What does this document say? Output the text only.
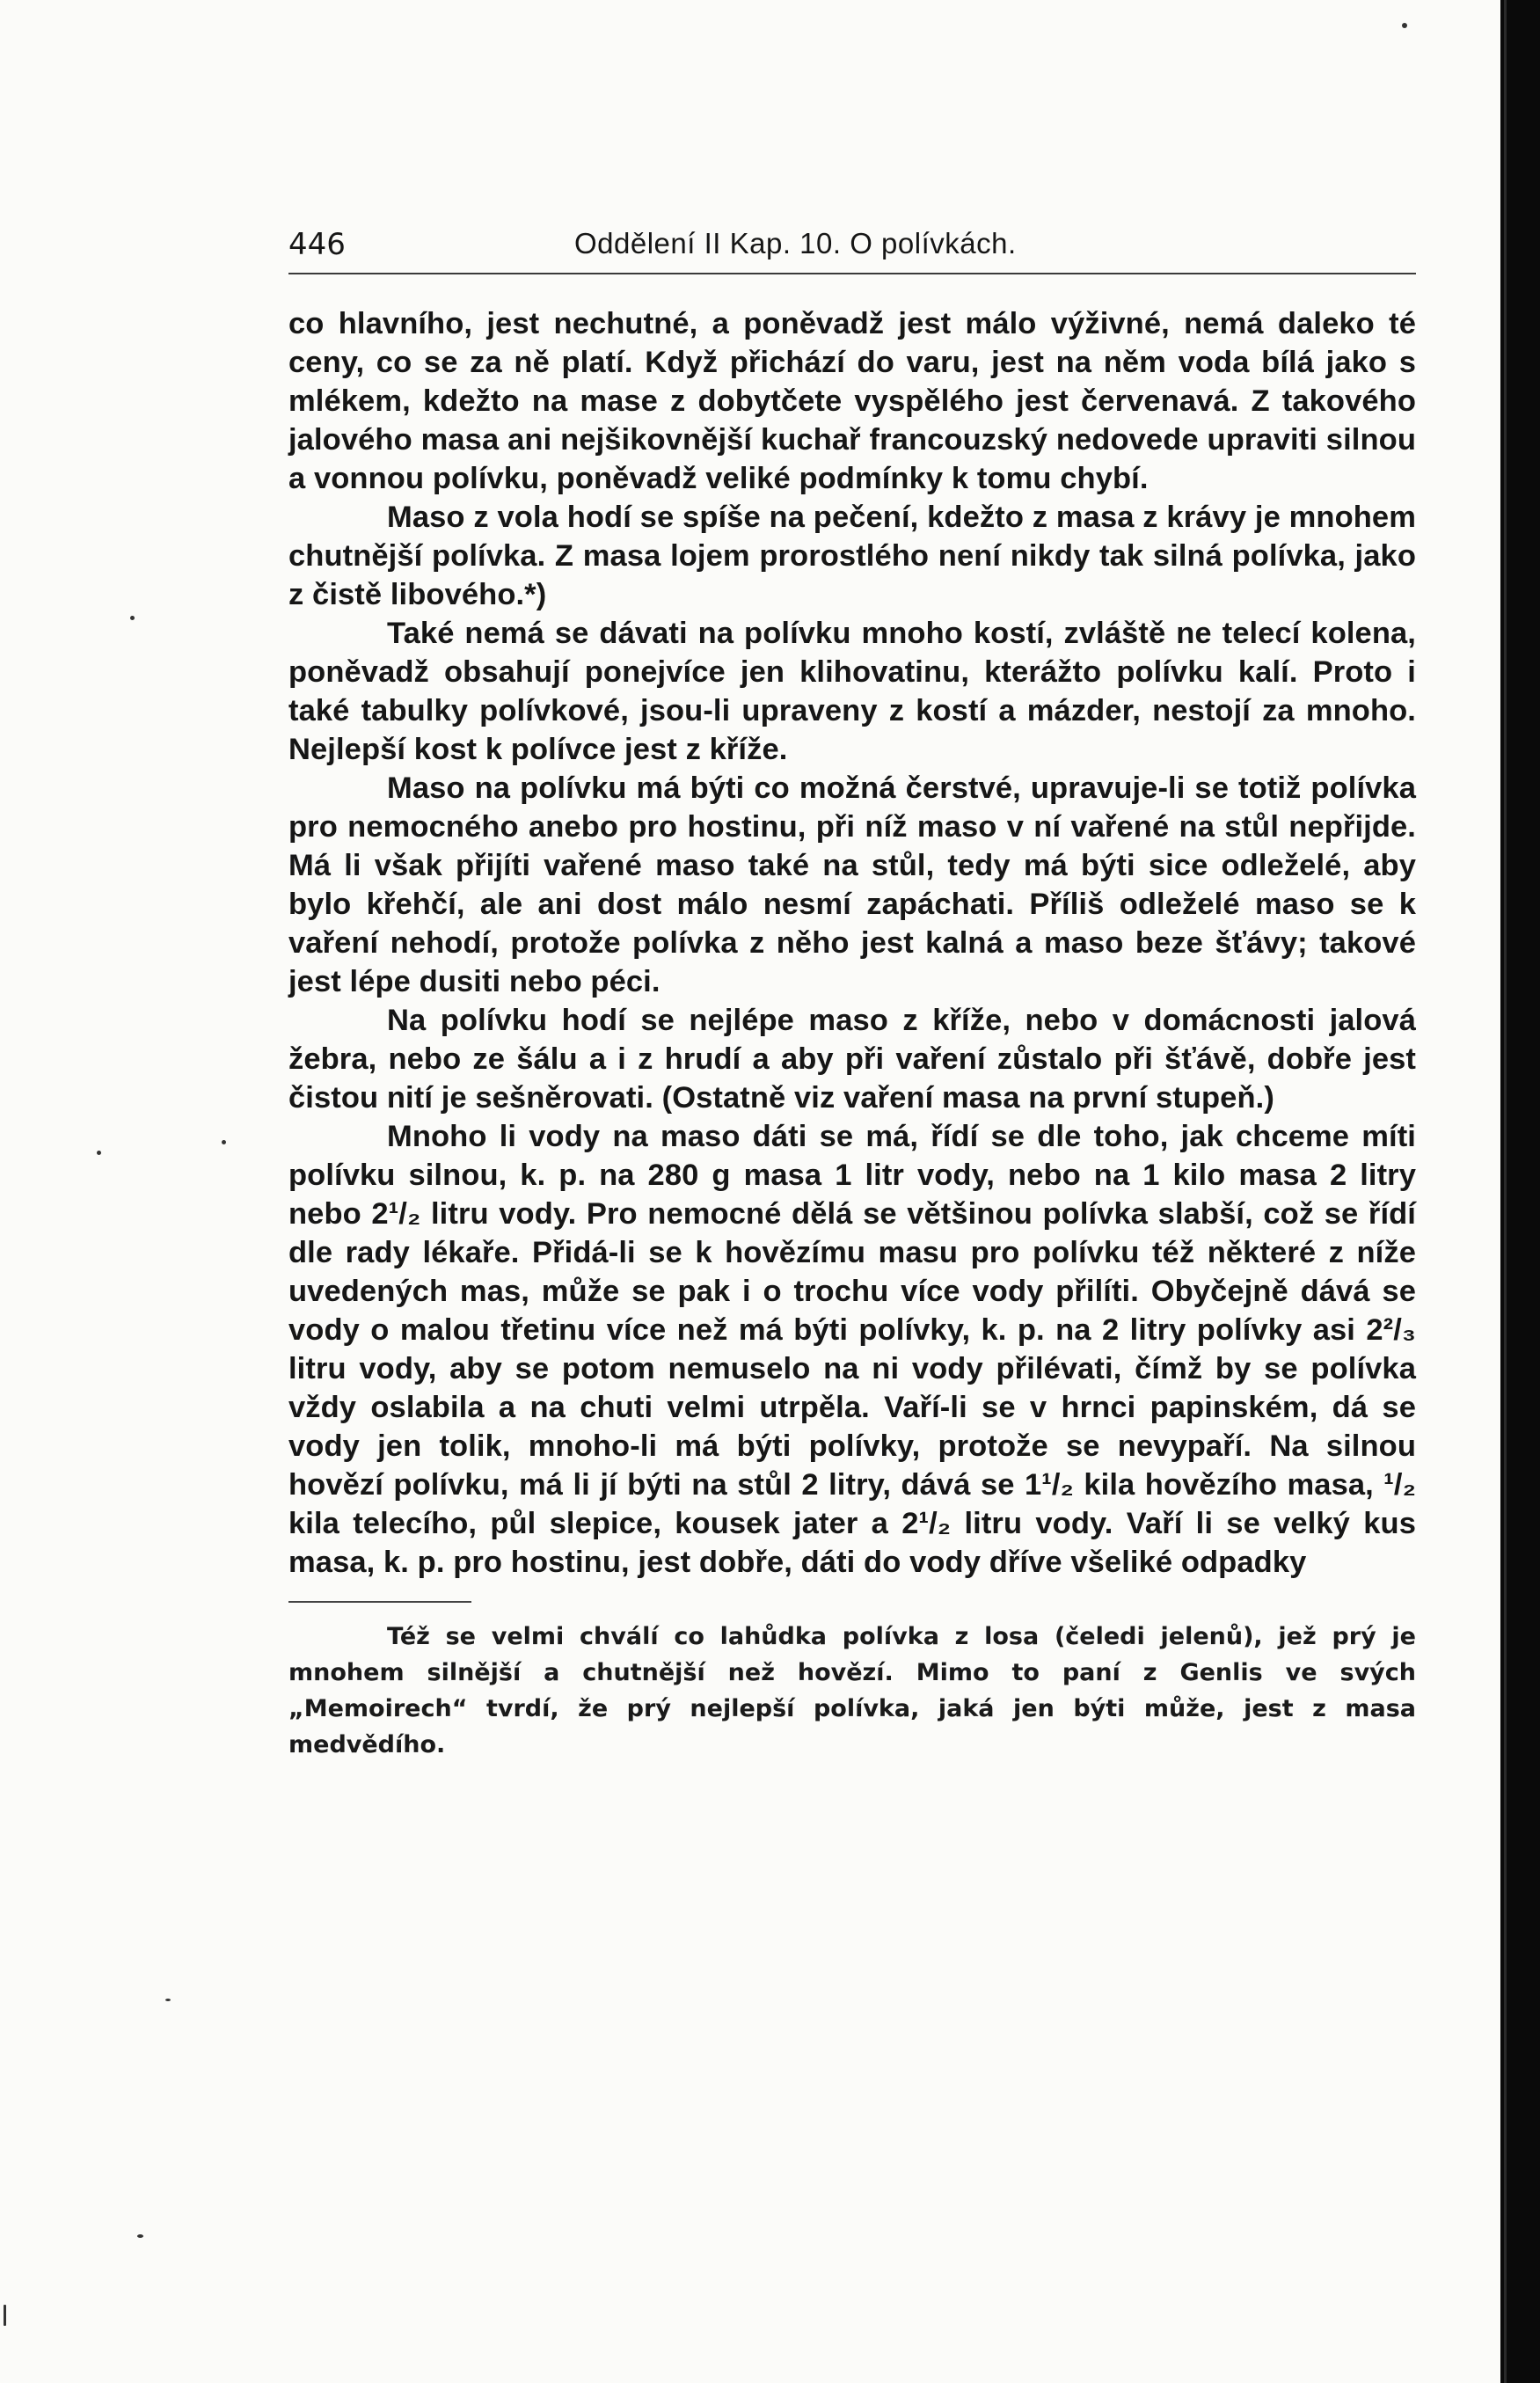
446	Oddělení II Kap. 10. O polívkách.

co hlavního, jest nechutné, a poněvadž jest málo výživné, nemá daleko té ceny, co se za ně platí. Když přichází do varu, jest na něm voda bílá jako s mlékem, kdežto na mase z dobytčete vyspělého jest červenavá. Z takového jalového masa ani nejšikovnější kuchař francouzský nedovede upraviti silnou a vonnou polívku, poněvadž veliké podmínky k tomu chybí.

Maso z vola hodí se spíše na pečení, kdežto z masa z krávy je mnohem chutnější polívka. Z masa lojem prorostlého není nikdy tak silná polívka, jako z čistě libového.*)

Také nemá se dávati na polívku mnoho kostí, zvláště ne telecí kolena, poněvadž obsahují ponejvíce jen klihovatinu, kterážto polívku kalí. Proto i také tabulky polívkové, jsou-li upraveny z kostí a mázder, nestojí za mnoho. Nejlepší kost k polívce jest z kříže.

Maso na polívku má býti co možná čerstvé, upravuje-li se totiž polívka pro nemocného anebo pro hostinu, při níž maso v ní vařené na stůl nepřijde. Má li však přijíti vařené maso také na stůl, tedy má býti sice odleželé, aby bylo křehčí, ale ani dost málo nesmí zapáchati. Příliš odleželé maso se k vaření nehodí, protože polívka z něho jest kalná a maso beze šťávy; takové jest lépe dusiti nebo péci.

Na polívku hodí se nejlépe maso z kříže, nebo v domácnosti jalová žebra, nebo ze šálu a i z hrudí a aby při vaření zůstalo při šťávě, dobře jest čistou nití je sešněrovati. (Ostatně viz vaření masa na první stupeň.)

Mnoho li vody na maso dáti se má, řídí se dle toho, jak chceme míti polívku silnou, k. p. na 280 g masa 1 litr vody, nebo na 1 kilo masa 2 litry nebo 2¹/₂ litru vody. Pro nemocné dělá se většinou polívka slabší, což se řídí dle rady lékaře. Přidá-li se k hovězímu masu pro polívku též některé z níže uvedených mas, může se pak i o trochu více vody přilíti. Obyčejně dává se vody o malou třetinu více než má býti polívky, k. p. na 2 litry polívky asi 2²/₃ litru vody, aby se potom nemuselo na ni vody přilévati, čímž by se polívka vždy oslabila a na chuti velmi utrpěla. Vaří-li se v hrnci papinském, dá se vody jen tolik, mnoho-li má býti polívky, protože se nevypaří. Na silnou hovězí polívku, má li jí býti na stůl 2 litry, dává se 1¹/₂ kila hovězího masa, ¹/₂ kila telecího, půl slepice, kousek jater a 2¹/₂ litru vody. Vaří li se velký kus masa, k. p. pro hostinu, jest dobře, dáti do vody dříve všeliké odpadky

Též se velmi chválí co lahůdka polívka z losa (čeledi jelenů), jež prý je mnohem silnější a chutnější než hovězí. Mimo to paní z Genlis ve svých „Memoirech“ tvrdí, že prý nejlepší polívka, jaká jen býti může, jest z masa medvědího.
